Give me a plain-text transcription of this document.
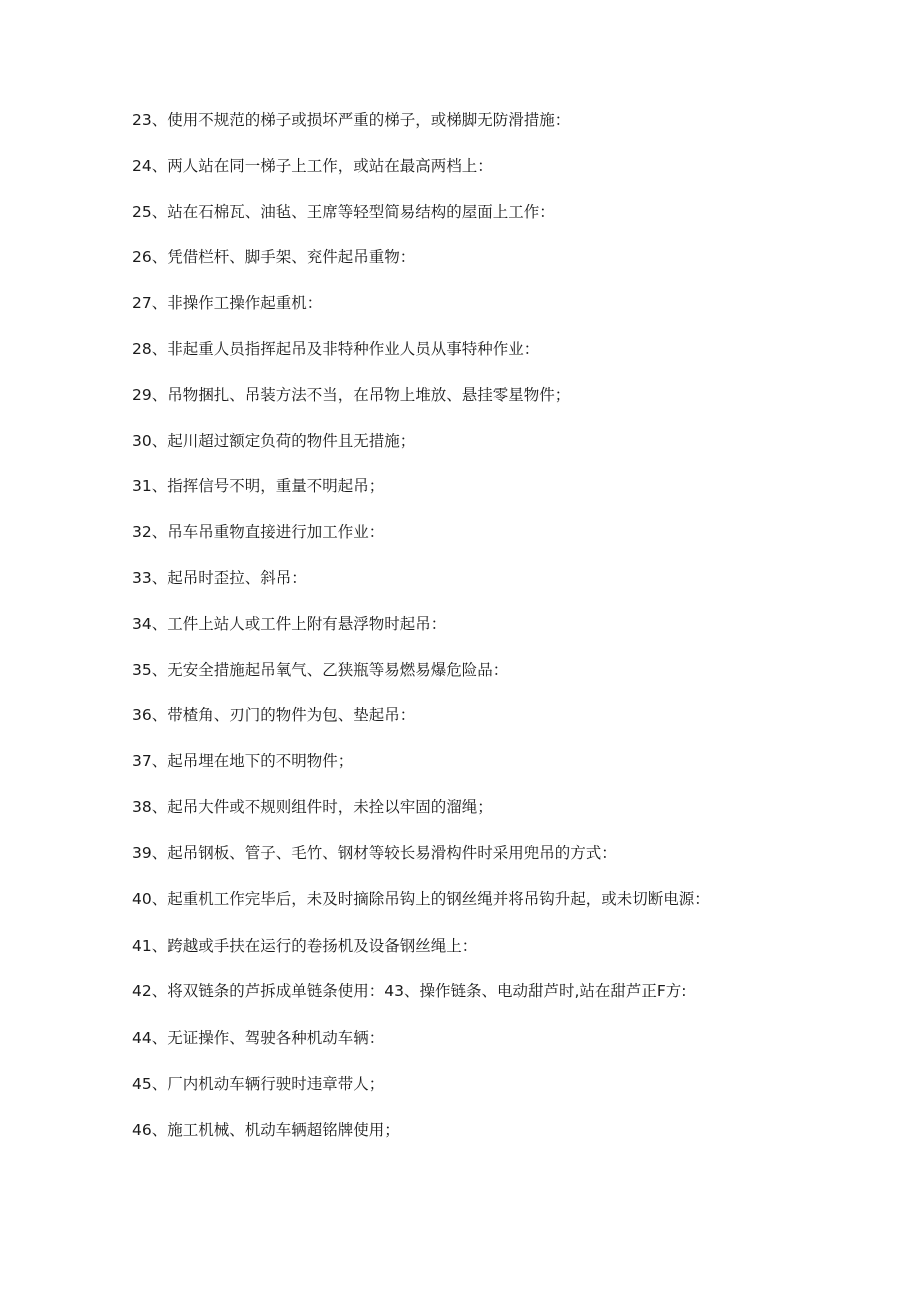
23、使用不规范的梯子或损坏严重的梯子，或梯脚无防滑措施：
24、两人站在同一梯子上工作，或站在最高两档上：
25、站在石棉瓦、油毡、王席等轻型简易结构的屋面上工作：
26、凭借栏杆、脚手架、兖件起吊重物：
27、非操作工操作起重机：
28、非起重人员指挥起吊及非特种作业人员从事特种作业：
29、吊物捆扎、吊装方法不当，在吊物上堆放、悬挂零星物件；
30、起川超过额定负荷的物件且无措施；
31、指挥信号不明，重量不明起吊；
32、吊车吊重物直接进行加工作业：
33、起吊时歪拉、斜吊：
34、工件上站人或工件上附有悬浮物时起吊：
35、无安全措施起吊氧气、乙狭瓶等易燃易爆危险品：
36、带楂角、刃门的物件为包、垫起吊：
37、起吊埋在地下的不明物件；
38、起吊大件或不规则组件时，未拴以牢固的溜绳；
39、起吊钢板、管子、毛竹、钢材等较长易滑构件时采用兜吊的方式：
40、起重机工作完毕后，未及时摘除吊钩上的钢丝绳并将吊钩升起，或未切断电源：
41、跨越或手扶在运行的卷扬机及设备钢丝绳上：
42、将双链条的芦拆成单链条使用：43、操作链条、电动甜芦时,站在甜芦正F方:
44、无证操作、驾驶各种机动车辆：
45、厂内机动车辆行驶时违章带人；
46、施工机械、机动车辆超铭牌使用；
